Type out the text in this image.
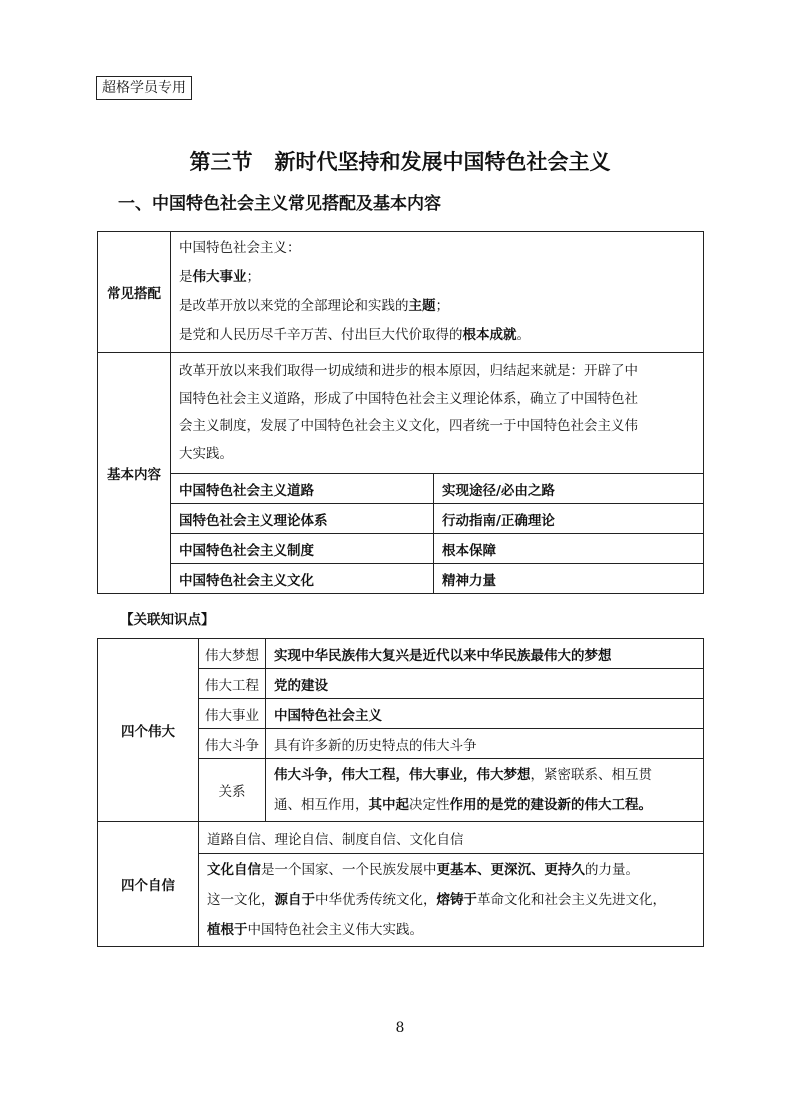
超格学员专用
第三节 新时代坚持和发展中国特色社会主义
一、中国特色社会主义常见搭配及基本内容
常见搭配	中国特色社会主义：
是伟大事业；
是改革开放以来党的全部理论和实践的主题；
是党和人民历尽千辛万苦、付出巨大代价取得的根本成就。	

基本内容	改革开放以来我们取得一切成绩和进步的根本原因，归结起来就是：开辟了中
国特色社会主义道路，形成了中国特色社会主义理论体系，确立了中国特色社
会主义制度，发展了中国特色社会主义文化，四者统一于中国特色社会主义伟
大实践。	

	中国特色社会主义道路	实现途径/必由之路
	国特色社会主义理论体系	行动指南/正确理论
	中国特色社会主义制度	根本保障
	中国特色社会主义文化	精神力量
【关联知识点】
四个伟大	伟大梦想	实现中华民族伟大复兴是近代以来中华民族最伟大的梦想
	伟大工程	党的建设
	伟大事业	中国特色社会主义
	伟大斗争	具有许多新的历史特点的伟大斗争
	关系	伟大斗争，伟大工程，伟大事业，伟大梦想，紧密联系、相互贯
通、相互作用，其中起决定性作用的是党的建设新的伟大工程。

四个自信	道路自信、理论自信、制度自信、文化自信	

	文化自信是一个国家、一个民族发展中更基本、更深沉、更持久的力量。
这一文化，源自于中华优秀传统文化，熔铸于革命文化和社会主义先进文化，
植根于中国特色社会主义伟大实践。	
8
